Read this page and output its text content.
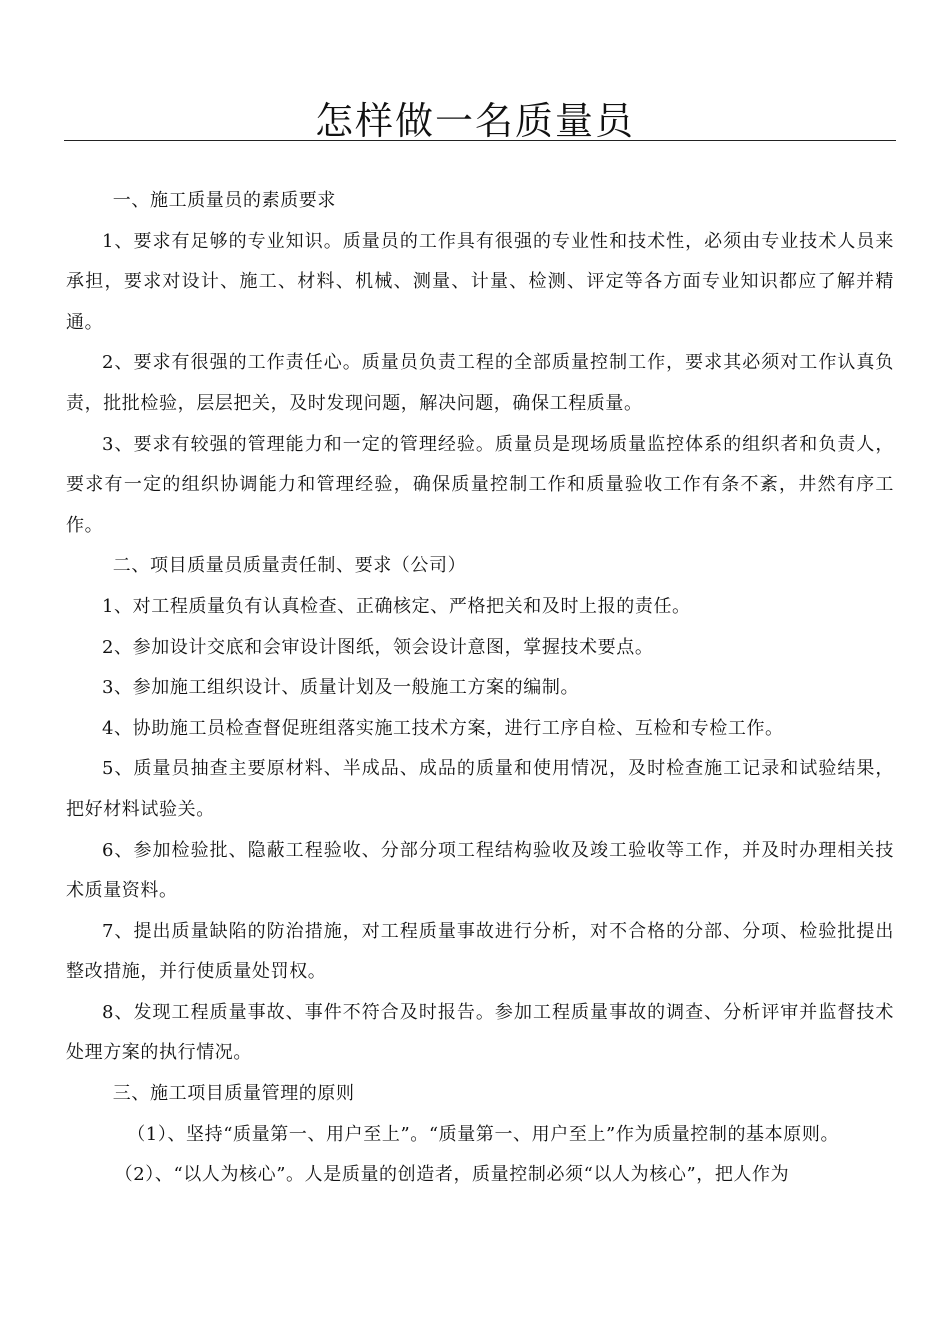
怎样做一名质量员

一、施工质量员的素质要求

1、要求有足够的专业知识。质量员的工作具有很强的专业性和技术性，必须由专业技术人员来承担，要求对设计、施工、材料、机械、测量、计量、检测、评定等各方面专业知识都应了解并精通。

2、要求有很强的工作责任心。质量员负责工程的全部质量控制工作，要求其必须对工作认真负责，批批检验，层层把关，及时发现问题，解决问题，确保工程质量。

3、要求有较强的管理能力和一定的管理经验。质量员是现场质量监控体系的组织者和负责人，要求有一定的组织协调能力和管理经验，确保质量控制工作和质量验收工作有条不紊，井然有序工作。

二、项目质量员质量责任制、要求（公司）

1、对工程质量负有认真检查、正确核定、严格把关和及时上报的责任。

2、参加设计交底和会审设计图纸，领会设计意图，掌握技术要点。

3、参加施工组织设计、质量计划及一般施工方案的编制。

4、协助施工员检查督促班组落实施工技术方案，进行工序自检、互检和专检工作。

5、质量员抽查主要原材料、半成品、成品的质量和使用情况，及时检查施工记录和试验结果，把好材料试验关。

6、参加检验批、隐蔽工程验收、分部分项工程结构验收及竣工验收等工作，并及时办理相关技术质量资料。

7、提出质量缺陷的防治措施，对工程质量事故进行分析，对不合格的分部、分项、检验批提出整改措施，并行使质量处罚权。

8、发现工程质量事故、事件不符合及时报告。参加工程质量事故的调查、分析评审并监督技术处理方案的执行情况。

三、施工项目质量管理的原则

（1）、坚持“质量第一、用户至上”。“质量第一、用户至上”作为质量控制的基本原则。

（2）、“以人为核心”。人是质量的创造者，质量控制必须“以人为核心”，把人作为
